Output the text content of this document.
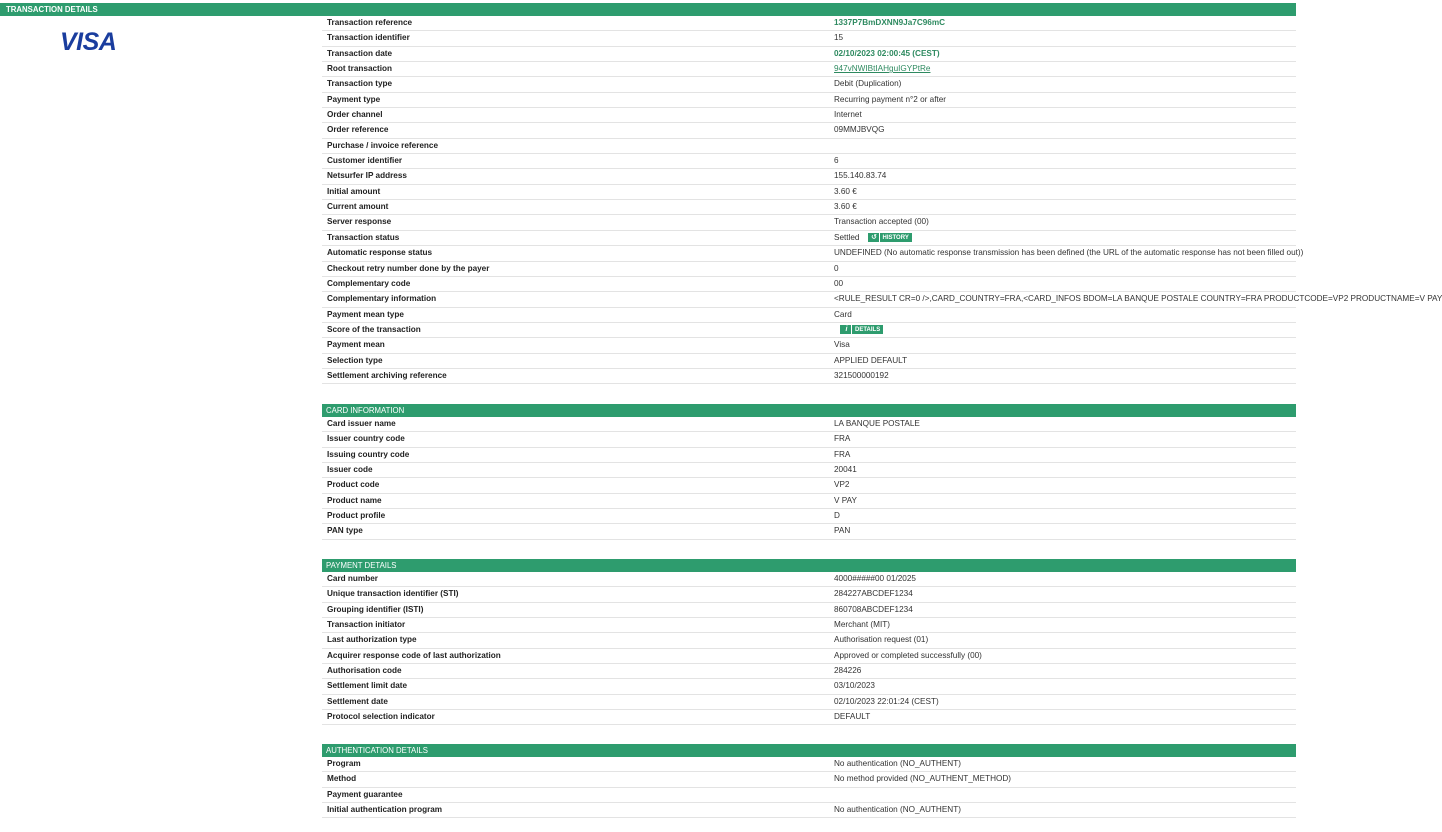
TRANSACTION DETAILS
VISA
Transaction reference	1337P7BmDXNN9Ja7C96mC
Transaction identifier	15
Transaction date	02/10/2023 02:00:45 (CEST)
Root transaction	947vNWIBtIAHguIGYPtRe
Transaction type	Debit (Duplication)
Payment type	Recurring payment n°2 or after
Order channel	Internet
Order reference	09MMJBVQG
Purchase / invoice reference
Customer identifier	6
Netsurfer IP address	155.140.83.74
Initial amount	3.60 €
Current amount	3.60 €
Server response	Transaction accepted (00)
Transaction status	Settled ↺ HISTORY
Automatic response status	UNDEFINED (No automatic response transmission has been defined (the URL of the automatic response has not been filled out))
Checkout retry number done by the payer	0
Complementary code	00
Complementary information	<RULE_RESULT CR=0 />,CARD_COUNTRY=FRA,<CARD_INFOS BDOM=LA BANQUE POSTALE COUNTRY=FRA PRODUCTCODE=VP2 PRODUCTNAME=V PAY
Payment mean type	Card
Score of the transaction	i DETAILS
Payment mean	Visa
Selection type	APPLIED DEFAULT
Settlement archiving reference	321500000192
CARD INFORMATION
Card issuer name	LA BANQUE POSTALE
Issuer country code	FRA
Issuing country code	FRA
Issuer code	20041
Product code	VP2
Product name	V PAY
Product profile	D
PAN type	PAN
PAYMENT DETAILS
Card number	4000#####00 01/2025
Unique transaction identifier (STI)	284227ABCDEF1234
Grouping identifier (ISTI)	860708ABCDEF1234
Transaction initiator	Merchant (MIT)
Last authorization type	Authorisation request (01)
Acquirer response code of last authorization	Approved or completed successfully (00)
Authorisation code	284226
Settlement limit date	03/10/2023
Settlement date	02/10/2023 22:01:24 (CEST)
Protocol selection indicator	DEFAULT
AUTHENTICATION DETAILS
Program	No authentication (NO_AUTHENT)
Method	No method provided (NO_AUTHENT_METHOD)
Payment guarantee
Initial authentication program	No authentication (NO_AUTHENT)
